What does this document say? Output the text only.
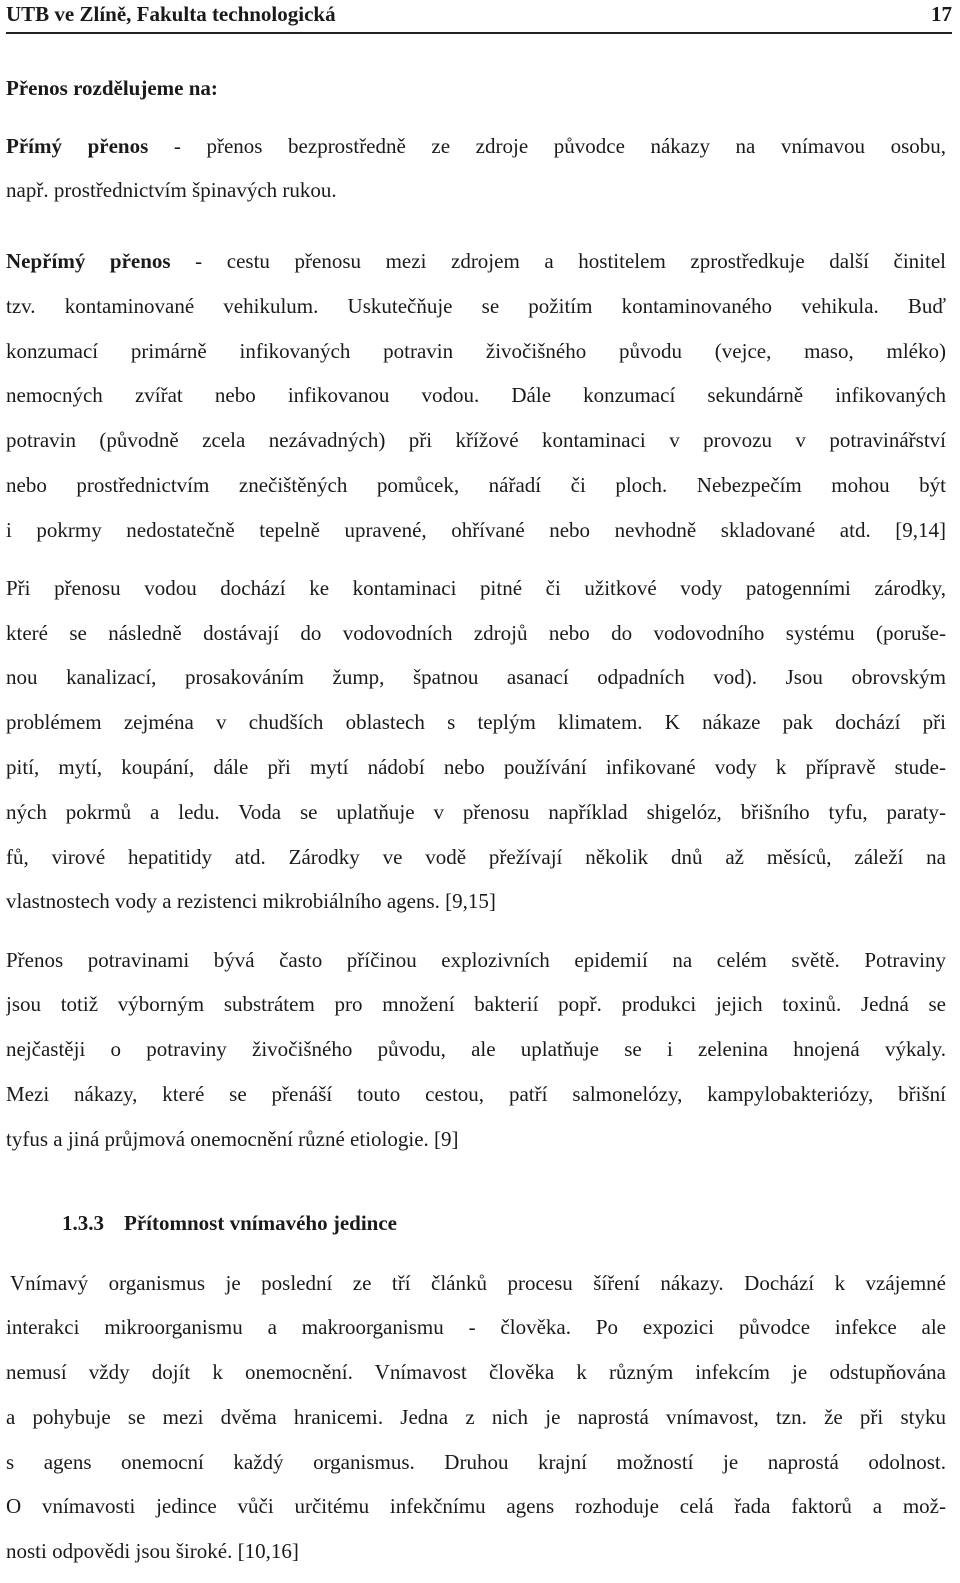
UTB ve Zlíně, Fakulta technologická	17
Přenos rozdělujeme na:
Přímý přenos - přenos bezprostředně ze zdroje původce nákazy na vnímavou osobu,
např. prostřednictvím špinavých rukou.
Nepřímý přenos - cestu přenosu mezi zdrojem a hostitelem zprostředkuje další činitel
tzv. kontaminované vehikulum. Uskutečňuje se požitím kontaminovaného vehikula. Buď
konzumací primárně infikovaných potravin živočišného původu (vejce, maso, mléko)
nemocných zvířat nebo infikovanou vodou. Dále konzumací sekundárně infikovaných
potravin (původně zcela nezávadných) při křížové kontaminaci v provozu v potravinářství
nebo prostřednictvím znečištěných pomůcek, nářadí či ploch. Nebezpečím mohou být
i pokrmy nedostatečně tepelně upravené, ohřívané nebo nevhodně skladované atd. [9,14]
Při přenosu vodou dochází ke kontaminaci pitné či užitkové vody patogenními zárodky,
které se následně dostávají do vodovodních zdrojů nebo do vodovodního systému (poruše-
nou kanalizací, prosakováním žump, špatnou asanací odpadních vod). Jsou obrovským
problémem zejména v chudších oblastech s teplým klimatem. K nákaze pak dochází při
pití, mytí, koupání, dále při mytí nádobí nebo používání infikované vody k přípravě stude-
ných pokrmů a ledu. Voda se uplatňuje v přenosu například shigelóz, břišního tyfu, paraty-
fů, virové hepatitidy atd. Zárodky ve vodě přežívají několik dnů až měsíců, záleží na
vlastnostech vody a rezistenci mikrobiálního agens. [9,15]
Přenos potravinami bývá často příčinou explozivních epidemií na celém světě. Potraviny
jsou totiž výborným substrátem pro množení bakterií popř. produkci jejich toxinů. Jedná se
nejčastěji o potraviny živočišného původu, ale uplatňuje se i zelenina hnojená výkaly.
Mezi nákazy, které se přenáší touto cestou, patří salmonelózy, kampylobakteriózy, břišní
tyfus a jiná průjmová onemocnění různé etiologie. [9]
1.3.3 Přítomnost vnímavého jedince
Vnímavý organismus je poslední ze tří článků procesu šíření nákazy. Dochází k vzájemné
interakci mikroorganismu a makroorganismu - člověka. Po expozici původce infekce ale
nemusí vždy dojít k onemocnění. Vnímavost člověka k různým infekcím je odstupňována
a pohybuje se mezi dvěma hranicemi. Jedna z nich je naprostá vnímavost, tzn. že při styku
s agens onemocní každý organismus. Druhou krajní možností je naprostá odolnost.
O vnímavosti jedince vůči určitému infekčnímu agens rozhoduje celá řada faktorů a mož-
nosti odpovědi jsou široké. [10,16]
